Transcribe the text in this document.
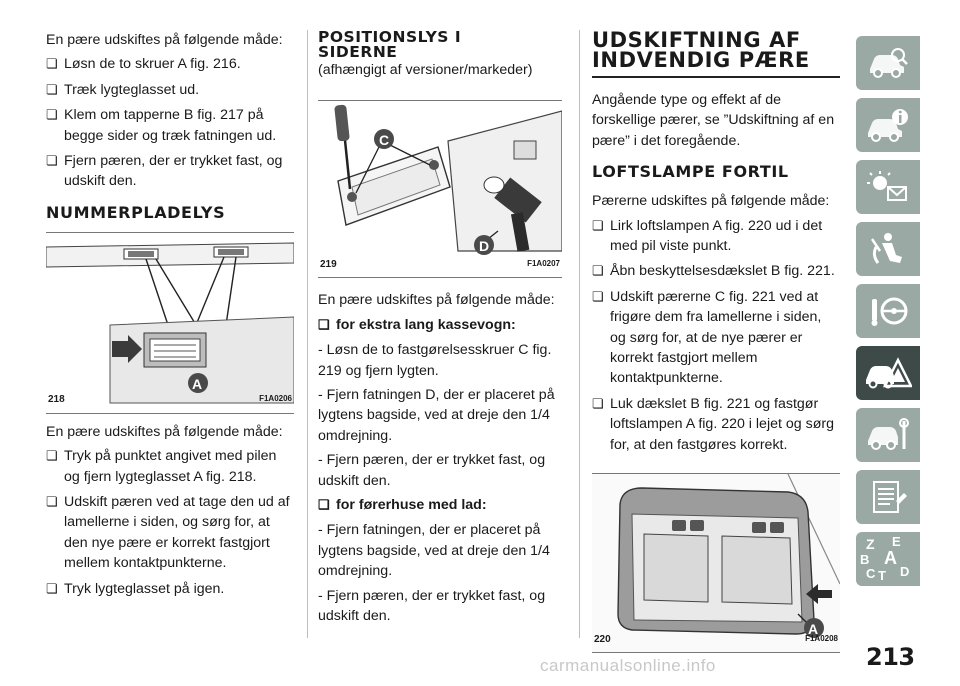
En pære udskiftes på følgende måde:

❏ Løsn de to skruer A fig. 216.

❏ Træk lygteglasset ud.

❏ Klem om tapperne B fig. 217 på begge sider og træk fatningen ud.

❏ Fjern pæren, der er trykket fast, og udskift den.

NUMMERPLADELYS
A
218	F1A0206

En pære udskiftes på følgende måde:

❏ Tryk på punktet angivet med pilen og fjern lygteglasset A fig. 218.

❏ Udskift pæren ved at tage den ud af lamellerne i siden, og sørg for, at den nye pære er korrekt fastgjort mellem kontaktpunkterne.

❏ Tryk lygteglasset på igen.

POSITIONSLYS I
SIDERNE

(afhængigt af versioner/markeder)

C
D
219	F1A0207

En pære udskiftes på følgende måde:

❏ for ekstra lang kassevogn:

- Løsn de to fastgørelsesskruer C fig. 219 og fjern lygten.

- Fjern fatningen D, der er placeret på lygtens bagside, ved at dreje den 1/4 omdrejning.

- Fjern pæren, der er trykket fast, og udskift den.

❏ for førerhuse med lad:

- Fjern fatningen, der er placeret på lygtens bagside, ved at dreje den 1/4 omdrejning.

- Fjern pæren, der er trykket fast, og udskift den.

UDSKIFTNING AF
INDVENDIG PÆRE

Angående type og effekt af de forskellige pærer, se ”Udskiftning af en pære” i det foregående.

LOFTSLAMPE FORTIL

Pærerne udskiftes på følgende måde:

❏ Lirk loftslampen A fig. 220 ud i det med pil viste punkt.

❏ Åbn beskyttelsesdækslet B fig. 221.

❏ Udskift pærerne C fig. 221 ved at frigøre dem fra lamellerne i siden, og sørg for, at de nye pærer er korrekt fastgjort mellem kontaktpunkterne.

❏ Luk dækslet B fig. 221 og fastgør loftslampen A fig. 220 i lejet og sørg for, at den fastgøres korrekt.

A
220	F1A0208
Z E
B A
C T D
213
carmanualsonline.info
